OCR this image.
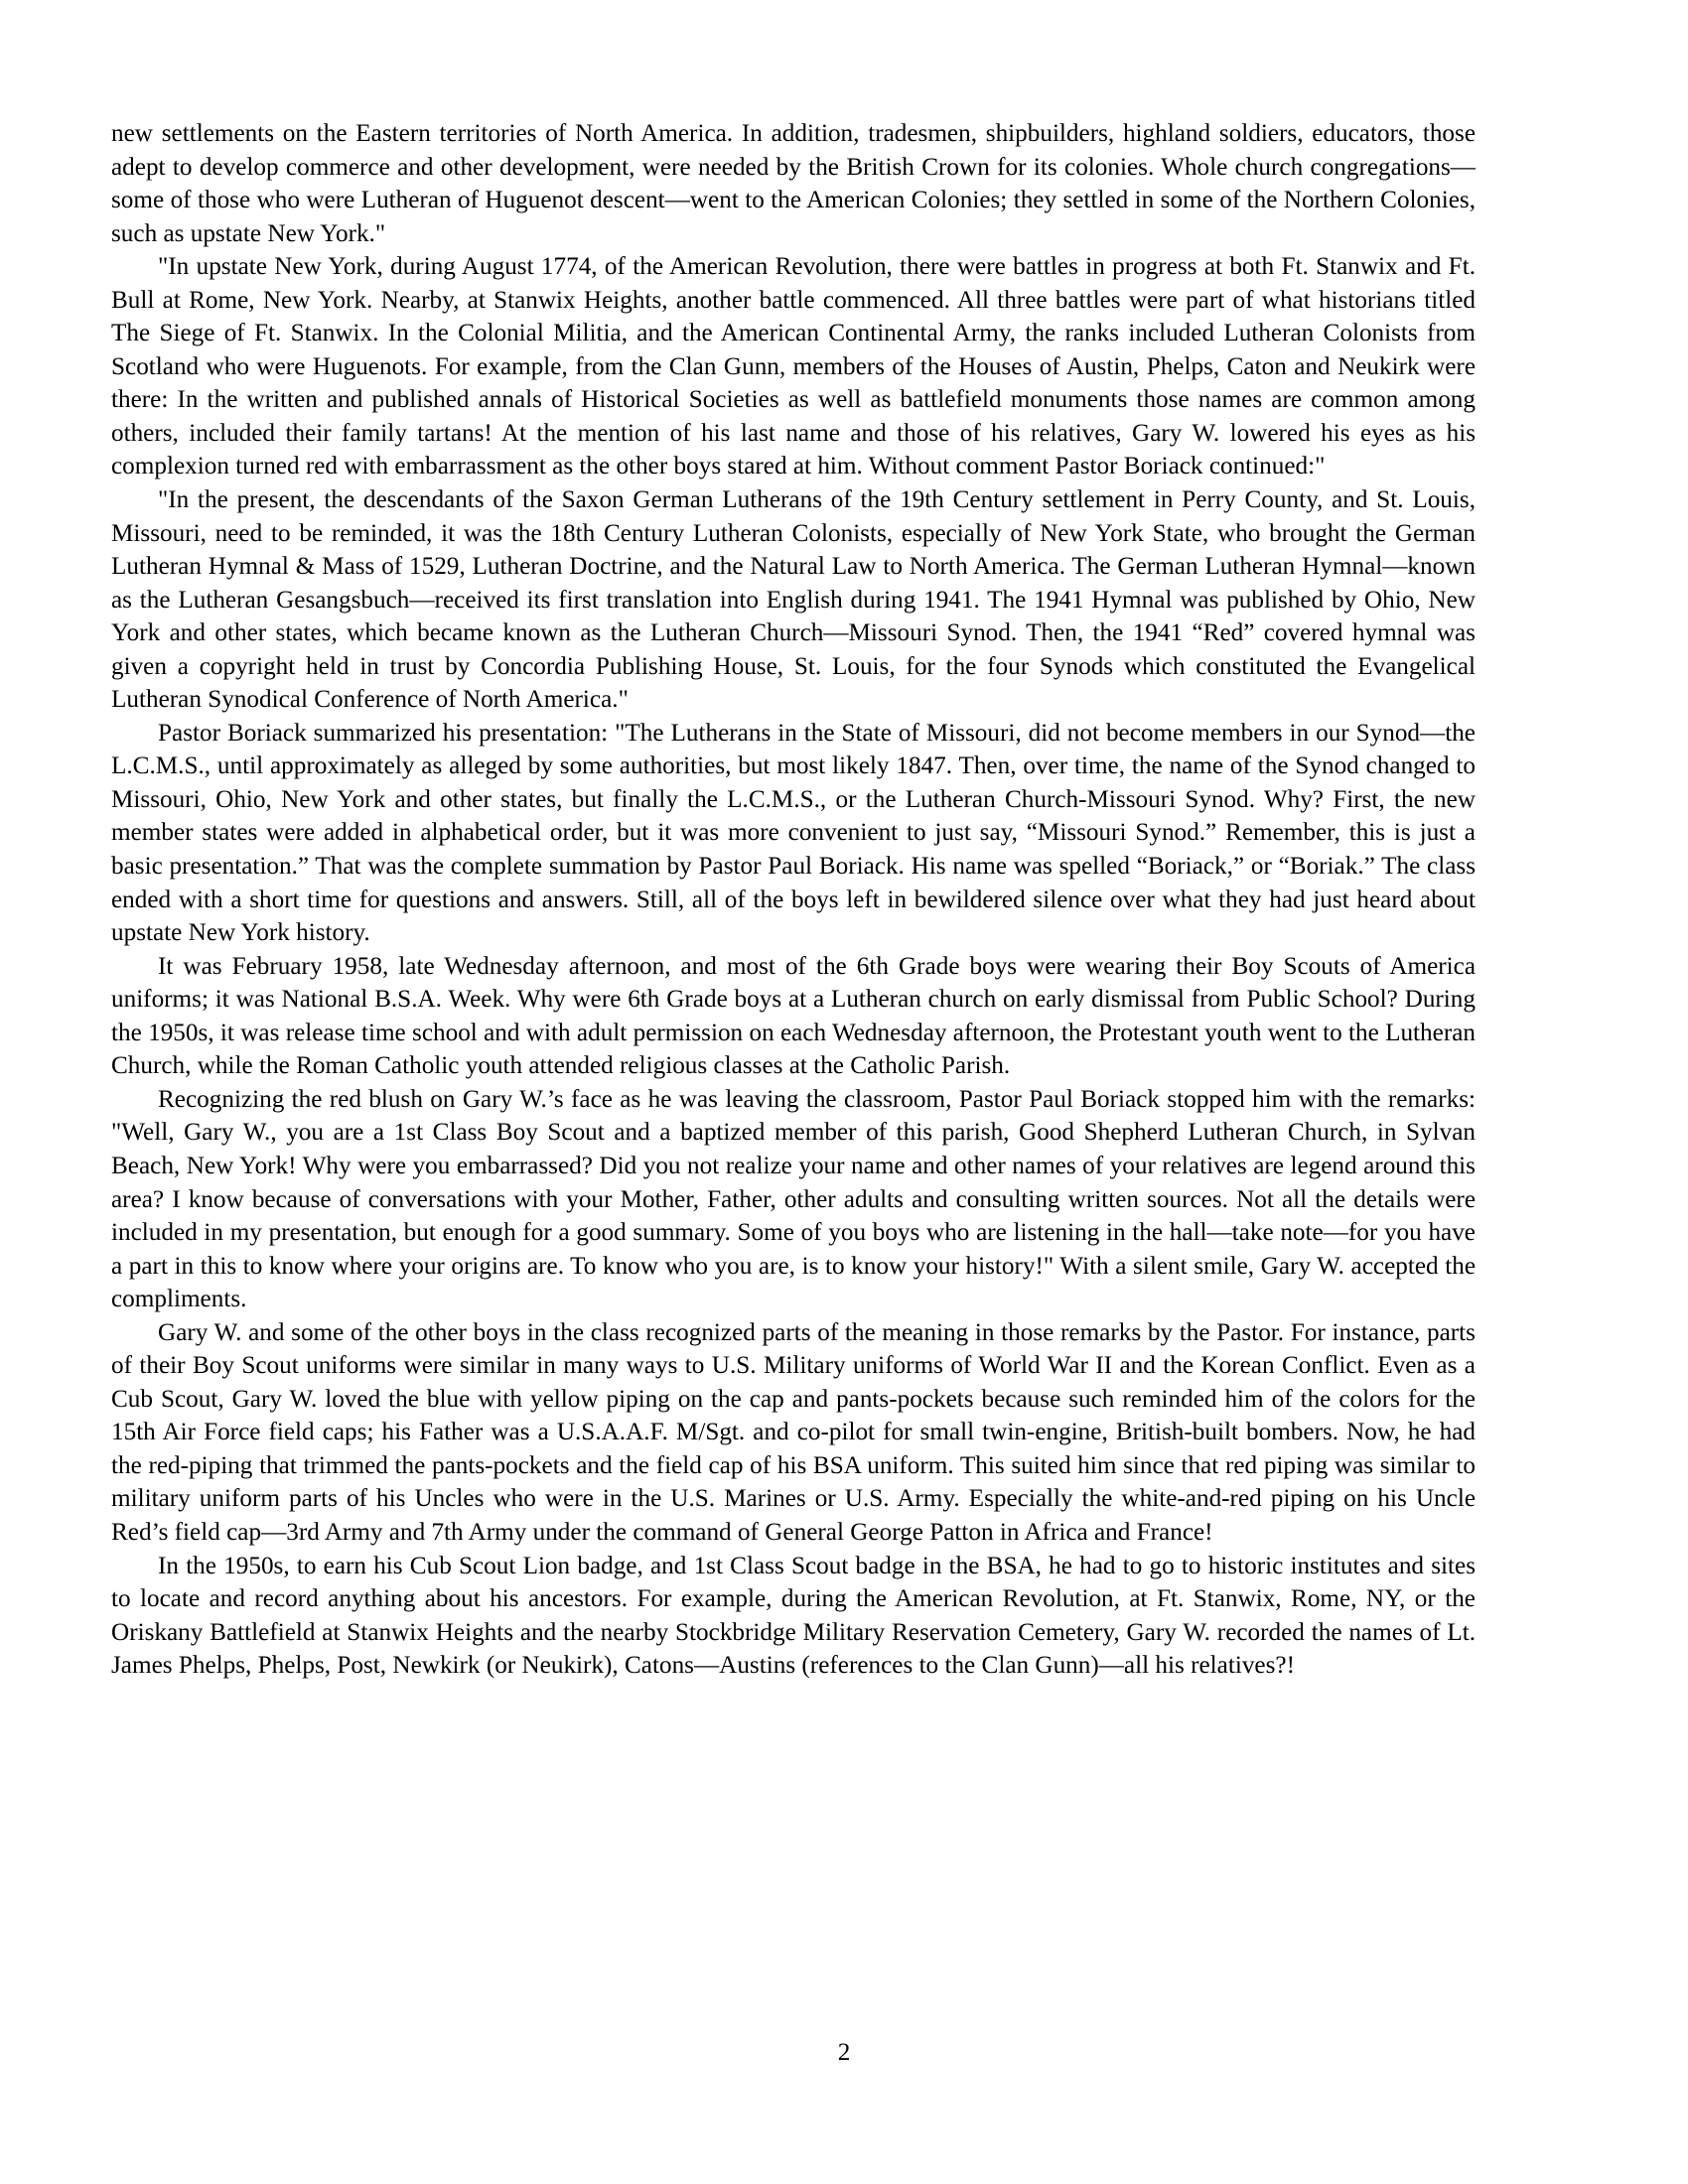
new settlements on the Eastern territories of North America. In addition, tradesmen, shipbuilders, highland soldiers, educators, those adept to develop commerce and other development, were needed by the British Crown for its colonies. Whole church congregations—some of those who were Lutheran of Huguenot descent—went to the American Colonies; they settled in some of the Northern Colonies, such as upstate New York."

"In upstate New York, during August 1774, of the American Revolution, there were battles in progress at both Ft. Stanwix and Ft. Bull at Rome, New York. Nearby, at Stanwix Heights, another battle commenced. All three battles were part of what historians titled The Siege of Ft. Stanwix. In the Colonial Militia, and the American Continental Army, the ranks included Lutheran Colonists from Scotland who were Huguenots. For example, from the Clan Gunn, members of the Houses of Austin, Phelps, Caton and Neukirk were there: In the written and published annals of Historical Societies as well as battlefield monuments those names are common among others, included their family tartans! At the mention of his last name and those of his relatives, Gary W. lowered his eyes as his complexion turned red with embarrassment as the other boys stared at him. Without comment Pastor Boriack continued:"

"In the present, the descendants of the Saxon German Lutherans of the 19th Century settlement in Perry County, and St. Louis, Missouri, need to be reminded, it was the 18th Century Lutheran Colonists, especially of New York State, who brought the German Lutheran Hymnal & Mass of 1529, Lutheran Doctrine, and the Natural Law to North America. The German Lutheran Hymnal—known as the Lutheran Gesangsbuch—received its first translation into English during 1941. The 1941 Hymnal was published by Ohio, New York and other states, which became known as the Lutheran Church—Missouri Synod. Then, the 1941 “Red” covered hymnal was given a copyright held in trust by Concordia Publishing House, St. Louis, for the four Synods which constituted the Evangelical Lutheran Synodical Conference of North America."

Pastor Boriack summarized his presentation: "The Lutherans in the State of Missouri, did not become members in our Synod—the L.C.M.S., until approximately as alleged by some authorities, but most likely 1847. Then, over time, the name of the Synod changed to Missouri, Ohio, New York and other states, but finally the L.C.M.S., or the Lutheran Church-Missouri Synod. Why? First, the new member states were added in alphabetical order, but it was more convenient to just say, “Missouri Synod.” Remember, this is just a basic presentation.” That was the complete summation by Pastor Paul Boriack. His name was spelled “Boriack,” or “Boriak.” The class ended with a short time for questions and answers. Still, all of the boys left in bewildered silence over what they had just heard about upstate New York history.

It was February 1958, late Wednesday afternoon, and most of the 6th Grade boys were wearing their Boy Scouts of America uniforms; it was National B.S.A. Week. Why were 6th Grade boys at a Lutheran church on early dismissal from Public School? During the 1950s, it was release time school and with adult permission on each Wednesday afternoon, the Protestant youth went to the Lutheran Church, while the Roman Catholic youth attended religious classes at the Catholic Parish.

Recognizing the red blush on Gary W.’s face as he was leaving the classroom, Pastor Paul Boriack stopped him with the remarks: "Well, Gary W., you are a 1st Class Boy Scout and a baptized member of this parish, Good Shepherd Lutheran Church, in Sylvan Beach, New York! Why were you embarrassed? Did you not realize your name and other names of your relatives are legend around this area? I know because of conversations with your Mother, Father, other adults and consulting written sources. Not all the details were included in my presentation, but enough for a good summary. Some of you boys who are listening in the hall—take note—for you have a part in this to know where your origins are. To know who you are, is to know your history!" With a silent smile, Gary W. accepted the compliments.

Gary W. and some of the other boys in the class recognized parts of the meaning in those remarks by the Pastor. For instance, parts of their Boy Scout uniforms were similar in many ways to U.S. Military uniforms of World War II and the Korean Conflict. Even as a Cub Scout, Gary W. loved the blue with yellow piping on the cap and pants-pockets because such reminded him of the colors for the 15th Air Force field caps; his Father was a U.S.A.A.F. M/Sgt. and co-pilot for small twin-engine, British-built bombers. Now, he had the red-piping that trimmed the pants-pockets and the field cap of his BSA uniform. This suited him since that red piping was similar to military uniform parts of his Uncles who were in the U.S. Marines or U.S. Army. Especially the white-and-red piping on his Uncle Red’s field cap—3rd Army and 7th Army under the command of General George Patton in Africa and France!

In the 1950s, to earn his Cub Scout Lion badge, and 1st Class Scout badge in the BSA, he had to go to historic institutes and sites to locate and record anything about his ancestors. For example, during the American Revolution, at Ft. Stanwix, Rome, NY, or the Oriskany Battlefield at Stanwix Heights and the nearby Stockbridge Military Reservation Cemetery, Gary W. recorded the names of Lt. James Phelps, Phelps, Post, Newkirk (or Neukirk), Catons—Austins (references to the Clan Gunn)—all his relatives?!

2
